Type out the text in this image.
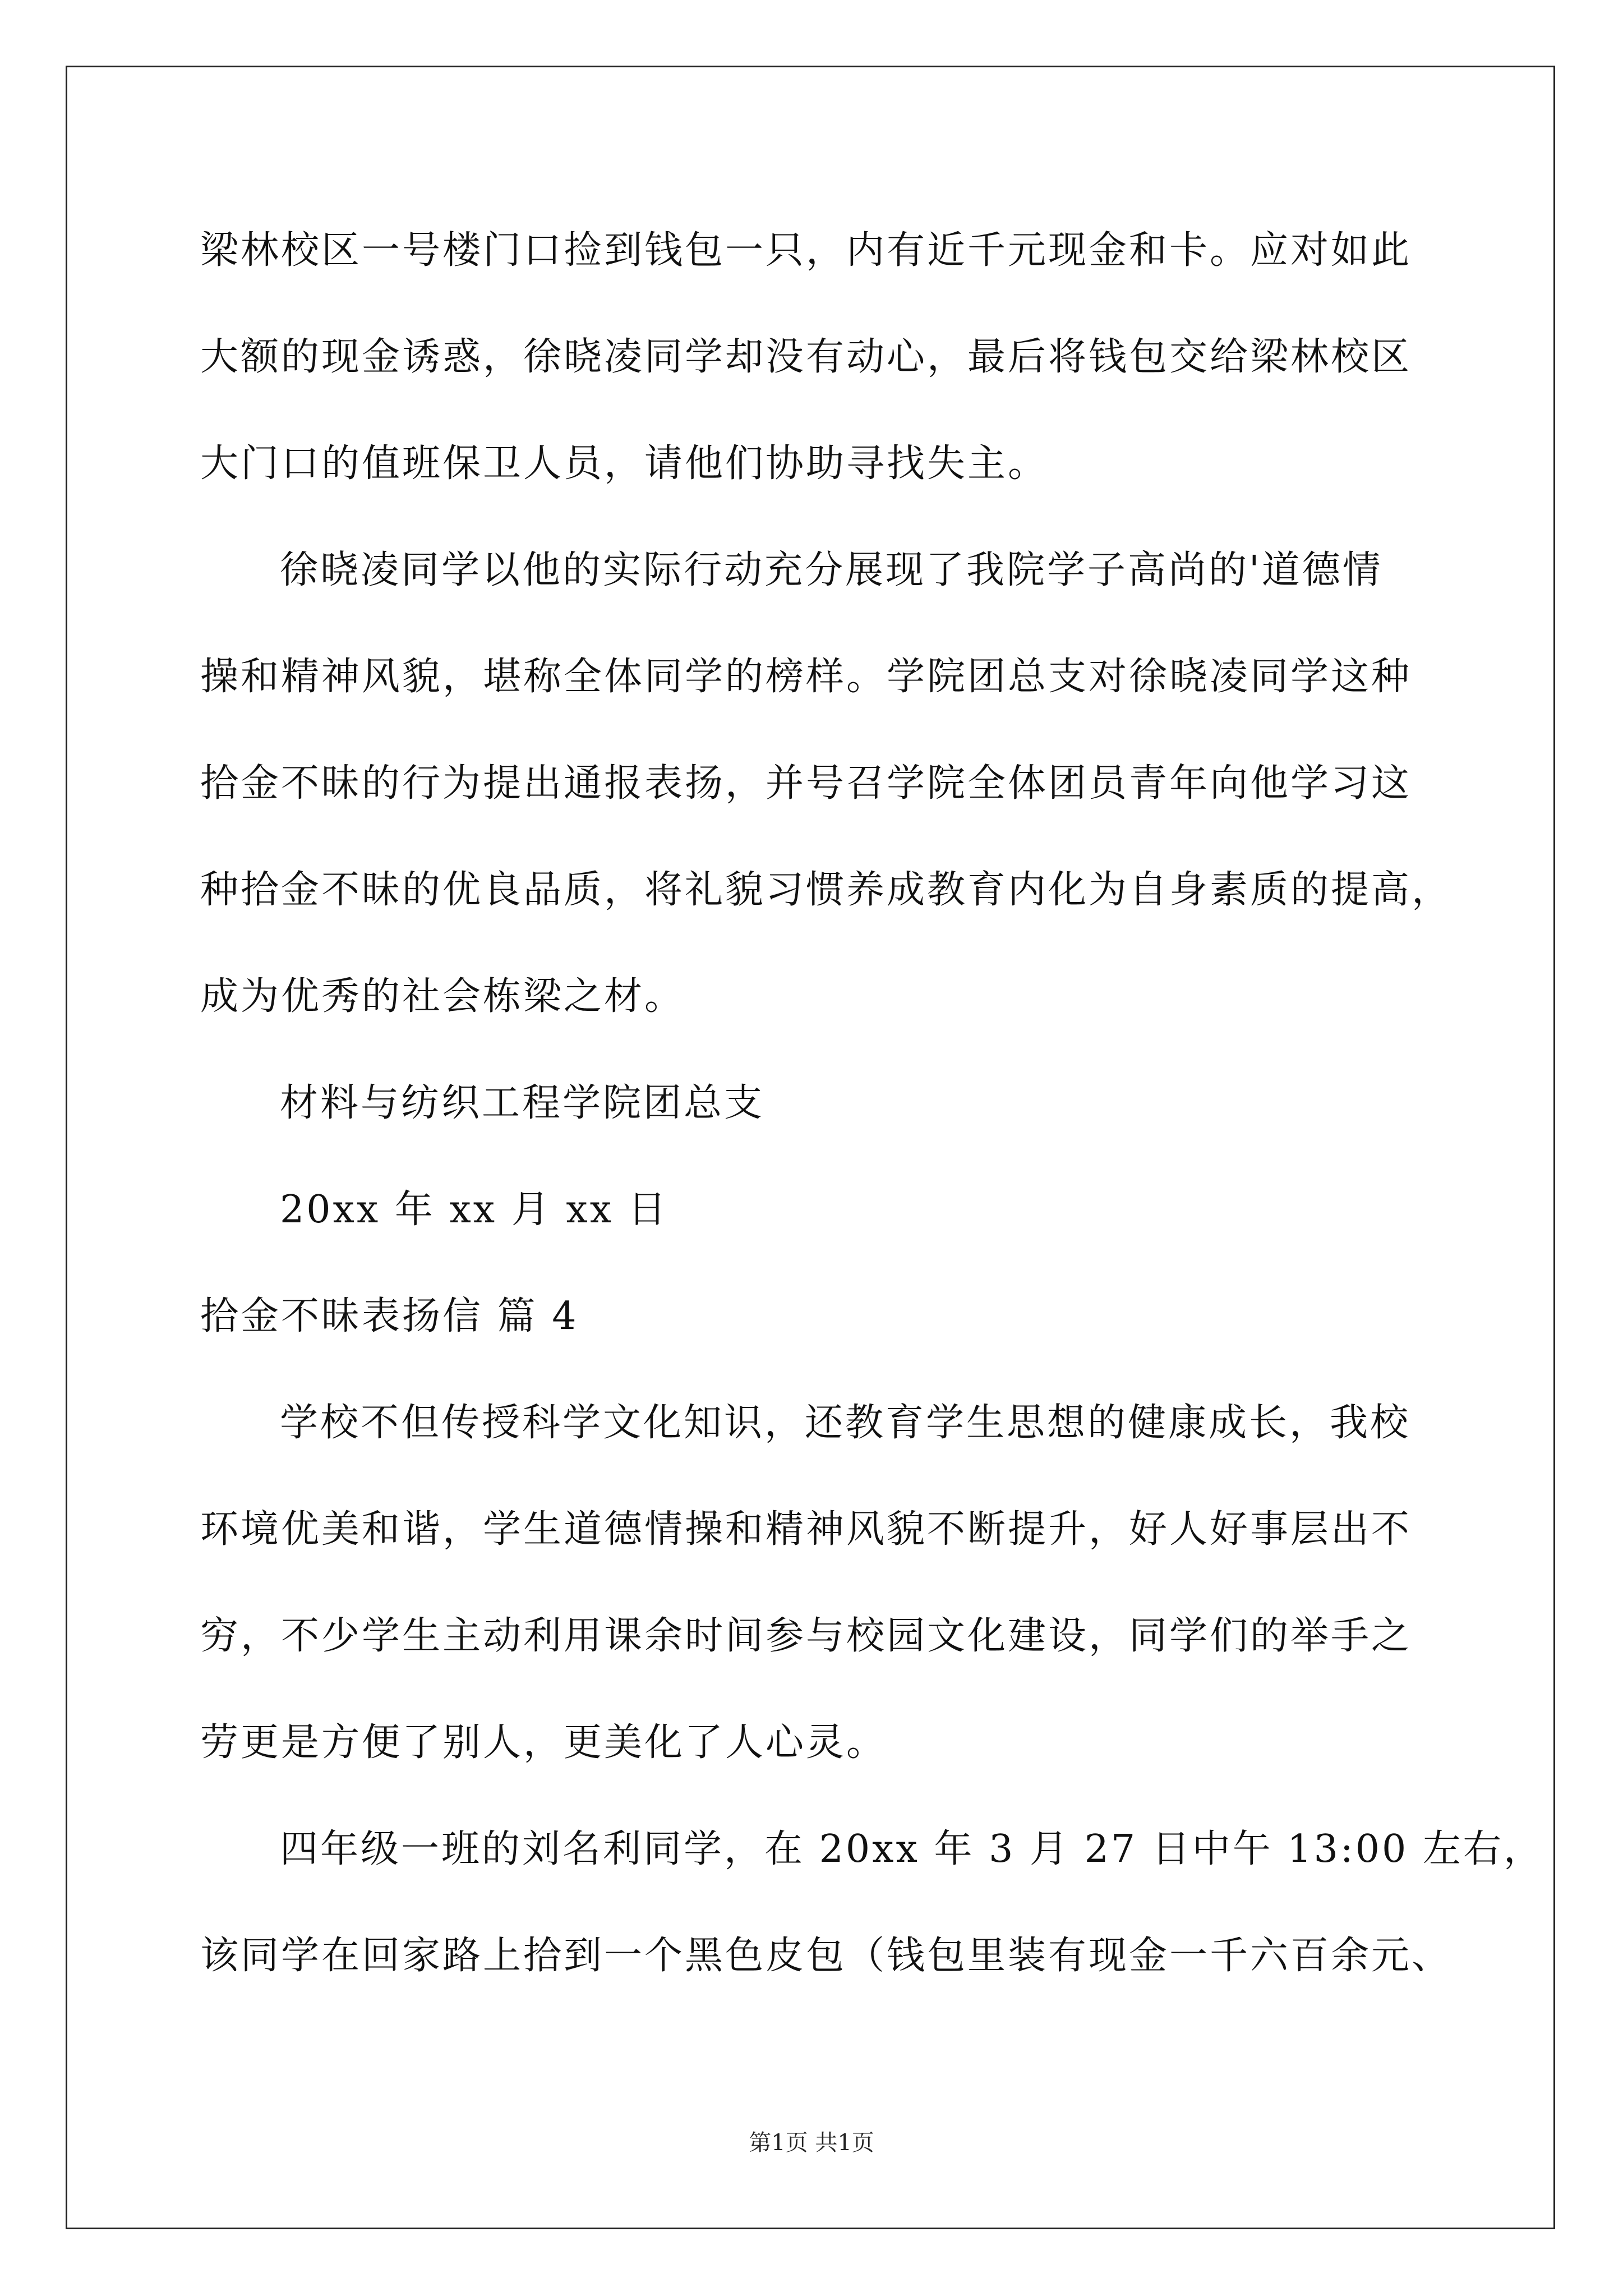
梁林校区一号楼门口捡到钱包一只，内有近千元现金和卡。应对如此
大额的现金诱惑，徐晓凌同学却没有动心，最后将钱包交给梁林校区
大门口的值班保卫人员，请他们协助寻找失主。
徐晓凌同学以他的实际行动充分展现了我院学子高尚的'道德情
操和精神风貌，堪称全体同学的榜样。学院团总支对徐晓凌同学这种
拾金不昧的行为提出通报表扬，并号召学院全体团员青年向他学习这
种拾金不昧的优良品质，将礼貌习惯养成教育内化为自身素质的提高，
成为优秀的社会栋梁之材。
材料与纺织工程学院团总支
20xx 年 xx 月 xx 日
拾金不昧表扬信 篇 4
学校不但传授科学文化知识，还教育学生思想的健康成长，我校
环境优美和谐，学生道德情操和精神风貌不断提升，好人好事层出不
穷，不少学生主动利用课余时间参与校园文化建设，同学们的举手之
劳更是方便了别人，更美化了人心灵。
四年级一班的刘名利同学，在 20xx 年 3 月 27 日中午 13:00 左右，
该同学在回家路上拾到一个黑色皮包（钱包里装有现金一千六百余元、
第1页 共1页
